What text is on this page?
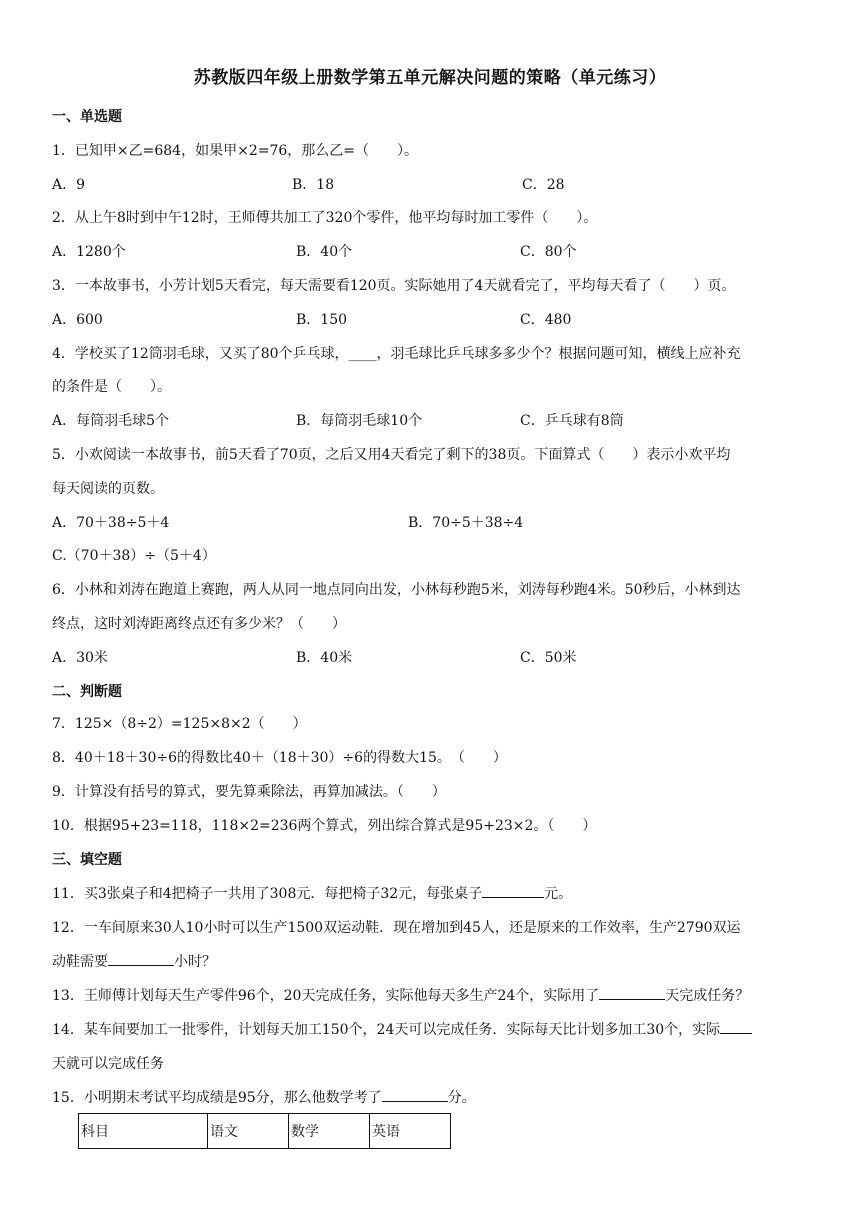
苏教版四年级上册数学第五单元解决问题的策略（单元练习）
一、单选题
1．已知甲×乙=684，如果甲×2=76，那么乙=（　　）。
A．9	B．18	C．28
2．从上午8时到中午12时，王师傅共加工了320个零件，他平均每时加工零件（　　）。
A．1280个	B．40个	C．80个
3．一本故事书，小芳计划5天看完，每天需要看120页。实际她用了4天就看完了，平均每天看了（　　）页。
A．600	B．150	C．480
4．学校买了12筒羽毛球，又买了80个乒乓球，____，羽毛球比乒乓球多多少个？根据问题可知，横线上应补充
的条件是（　　）。
A．每筒羽毛球5个	B．每筒羽毛球10个	C．乒乓球有8筒
5．小欢阅读一本故事书，前5天看了70页，之后又用4天看完了剩下的38页。下面算式（　　）表示小欢平均
每天阅读的页数。
A．70＋38÷5＋4	B．70÷5＋38÷4
C.（70＋38）÷（5＋4）
6．小林和刘涛在跑道上赛跑，两人从同一地点同向出发，小林每秒跑5米，刘涛每秒跑4米。50秒后，小林到达
终点，这时刘涛距离终点还有多少米？（　　）
A．30米	B．40米	C．50米
二、判断题
7．125×（8÷2）=125×8×2（　　）
8．40＋18＋30÷6的得数比40＋（18＋30）÷6的得数大15。　（　　）
9．计算没有括号的算式，要先算乘除法，再算加减法。（　　）
10．根据95+23=118，118×2=236两个算式，列出综合算式是95+23×2。（　　）
三、填空题
11．买3张桌子和4把椅子一共用了308元．每把椅子32元，每张桌子	元。
12．一车间原来30人10小时可以生产1500双运动鞋．现在增加到45人，还是原来的工作效率，生产2790双运
动鞋需要	小时？
13．王师傅计划每天生产零件96个，20天完成任务，实际他每天多生产24个，实际用了	天完成任务？
14．某车间要加工一批零件，计划每天加工150个，24天可以完成任务．实际每天比计划多加工30个，实际
天就可以完成任务
15．小明期末考试平均成绩是95分，那么他数学考了	分。
科目	语文	数学	英语
